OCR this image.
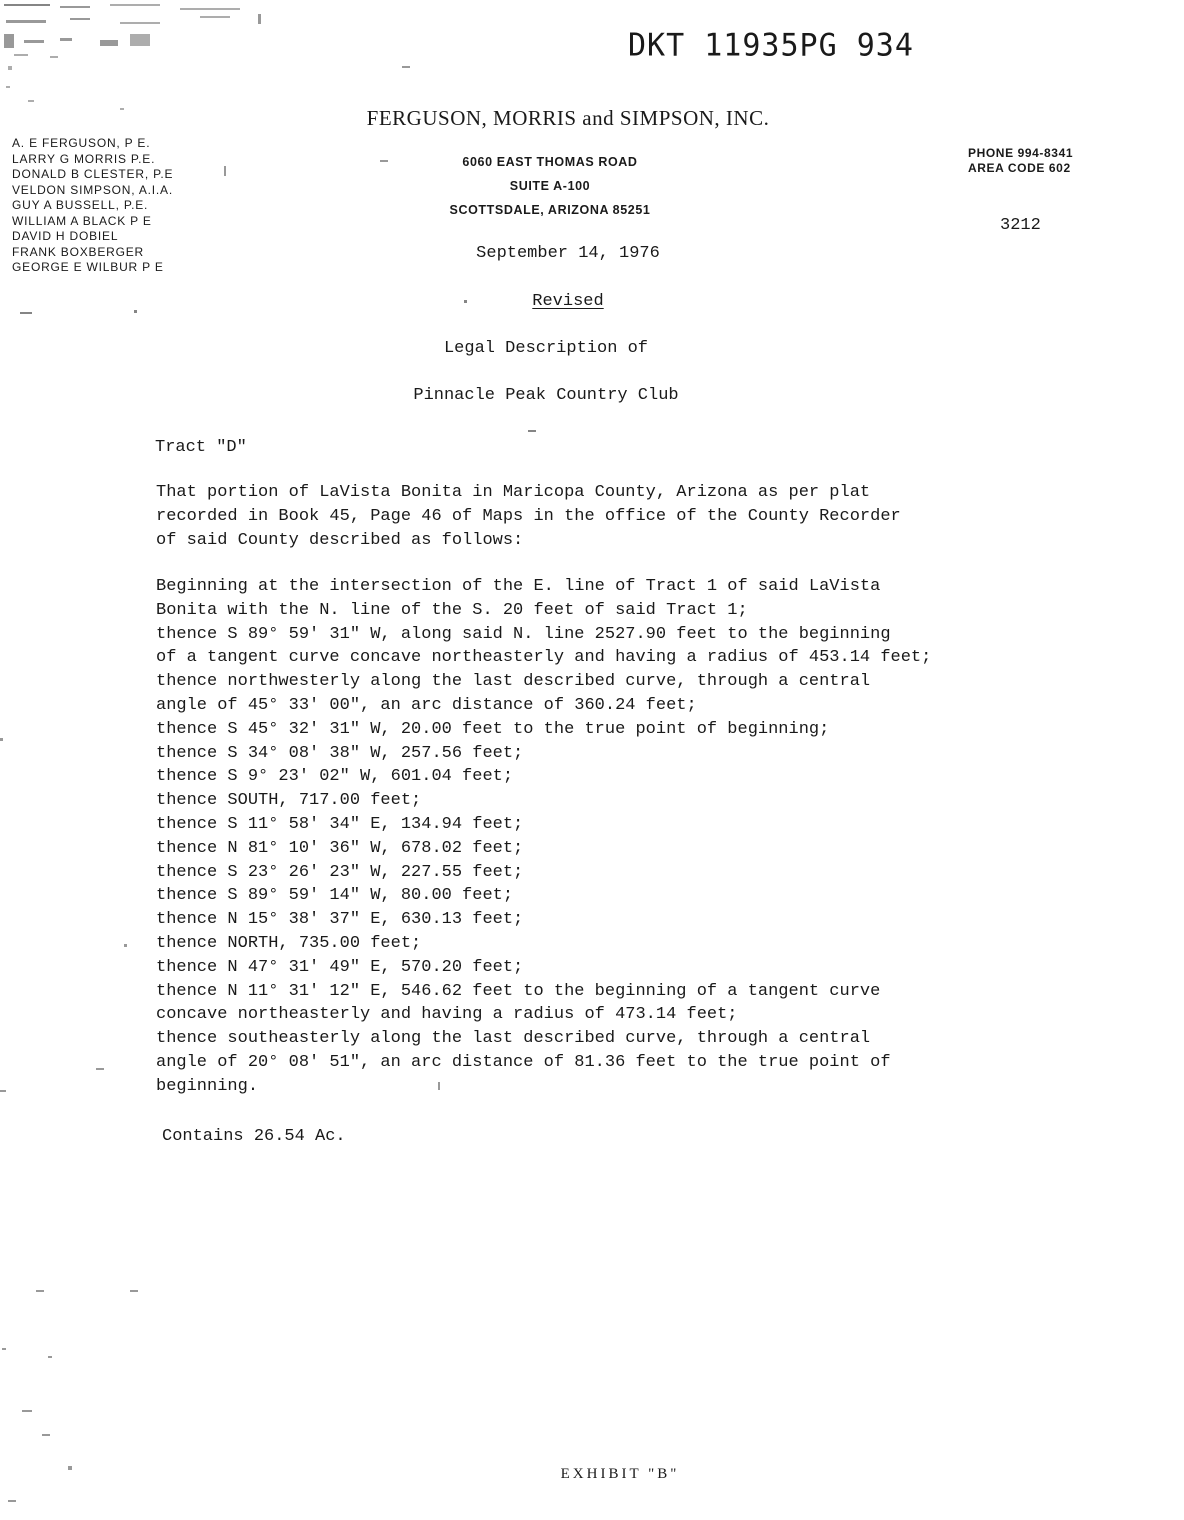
DKT 11935PG 934
FERGUSON, MORRIS and SIMPSON, INC.
A. E FERGUSON, P E.
LARRY G MORRIS P.E.
DONALD B CLESTER, P.E
VELDON SIMPSON, A.I.A.
GUY A BUSSELL, P.E.
WILLIAM A BLACK P E
DAVID H DOBIEL
FRANK BOXBERGER
GEORGE E WILBUR P E
6060 EAST THOMAS ROAD
SUITE A-100
SCOTTSDALE, ARIZONA 85251
PHONE 994-8341
AREA CODE 602
3212
September 14, 1976
Revised
Legal Description of
Pinnacle Peak Country Club
Tract "D"
That portion of LaVista Bonita in Maricopa County, Arizona as per plat
recorded in Book 45, Page 46 of Maps in the office of the County Recorder
of said County described as follows:
Beginning at the intersection of the E. line of Tract 1 of said LaVista
Bonita with the N. line of the S. 20 feet of said Tract 1;
thence S 89° 59' 31" W, along said N. line 2527.90 feet to the beginning
of a tangent curve concave northeasterly and having a radius of 453.14 feet;
thence northwesterly along the last described curve, through a central
angle of 45° 33' 00", an arc distance of 360.24 feet;
thence S 45° 32' 31" W, 20.00 feet to the true point of beginning;
thence S 34° 08' 38" W, 257.56 feet;
thence S 9° 23' 02" W, 601.04 feet;
thence SOUTH, 717.00 feet;
thence S 11° 58' 34" E, 134.94 feet;
thence N 81° 10' 36" W, 678.02 feet;
thence S 23° 26' 23" W, 227.55 feet;
thence S 89° 59' 14" W, 80.00 feet;
thence N 15° 38' 37" E, 630.13 feet;
thence NORTH, 735.00 feet;
thence N 47° 31' 49" E, 570.20 feet;
thence N 11° 31' 12" E, 546.62 feet to the beginning of a tangent curve
concave northeasterly and having a radius of 473.14 feet;
thence southeasterly along the last described curve, through a central
angle of 20° 08' 51", an arc distance of 81.36 feet to the true point of
beginning.
Contains 26.54 Ac.
EXHIBIT "B"
